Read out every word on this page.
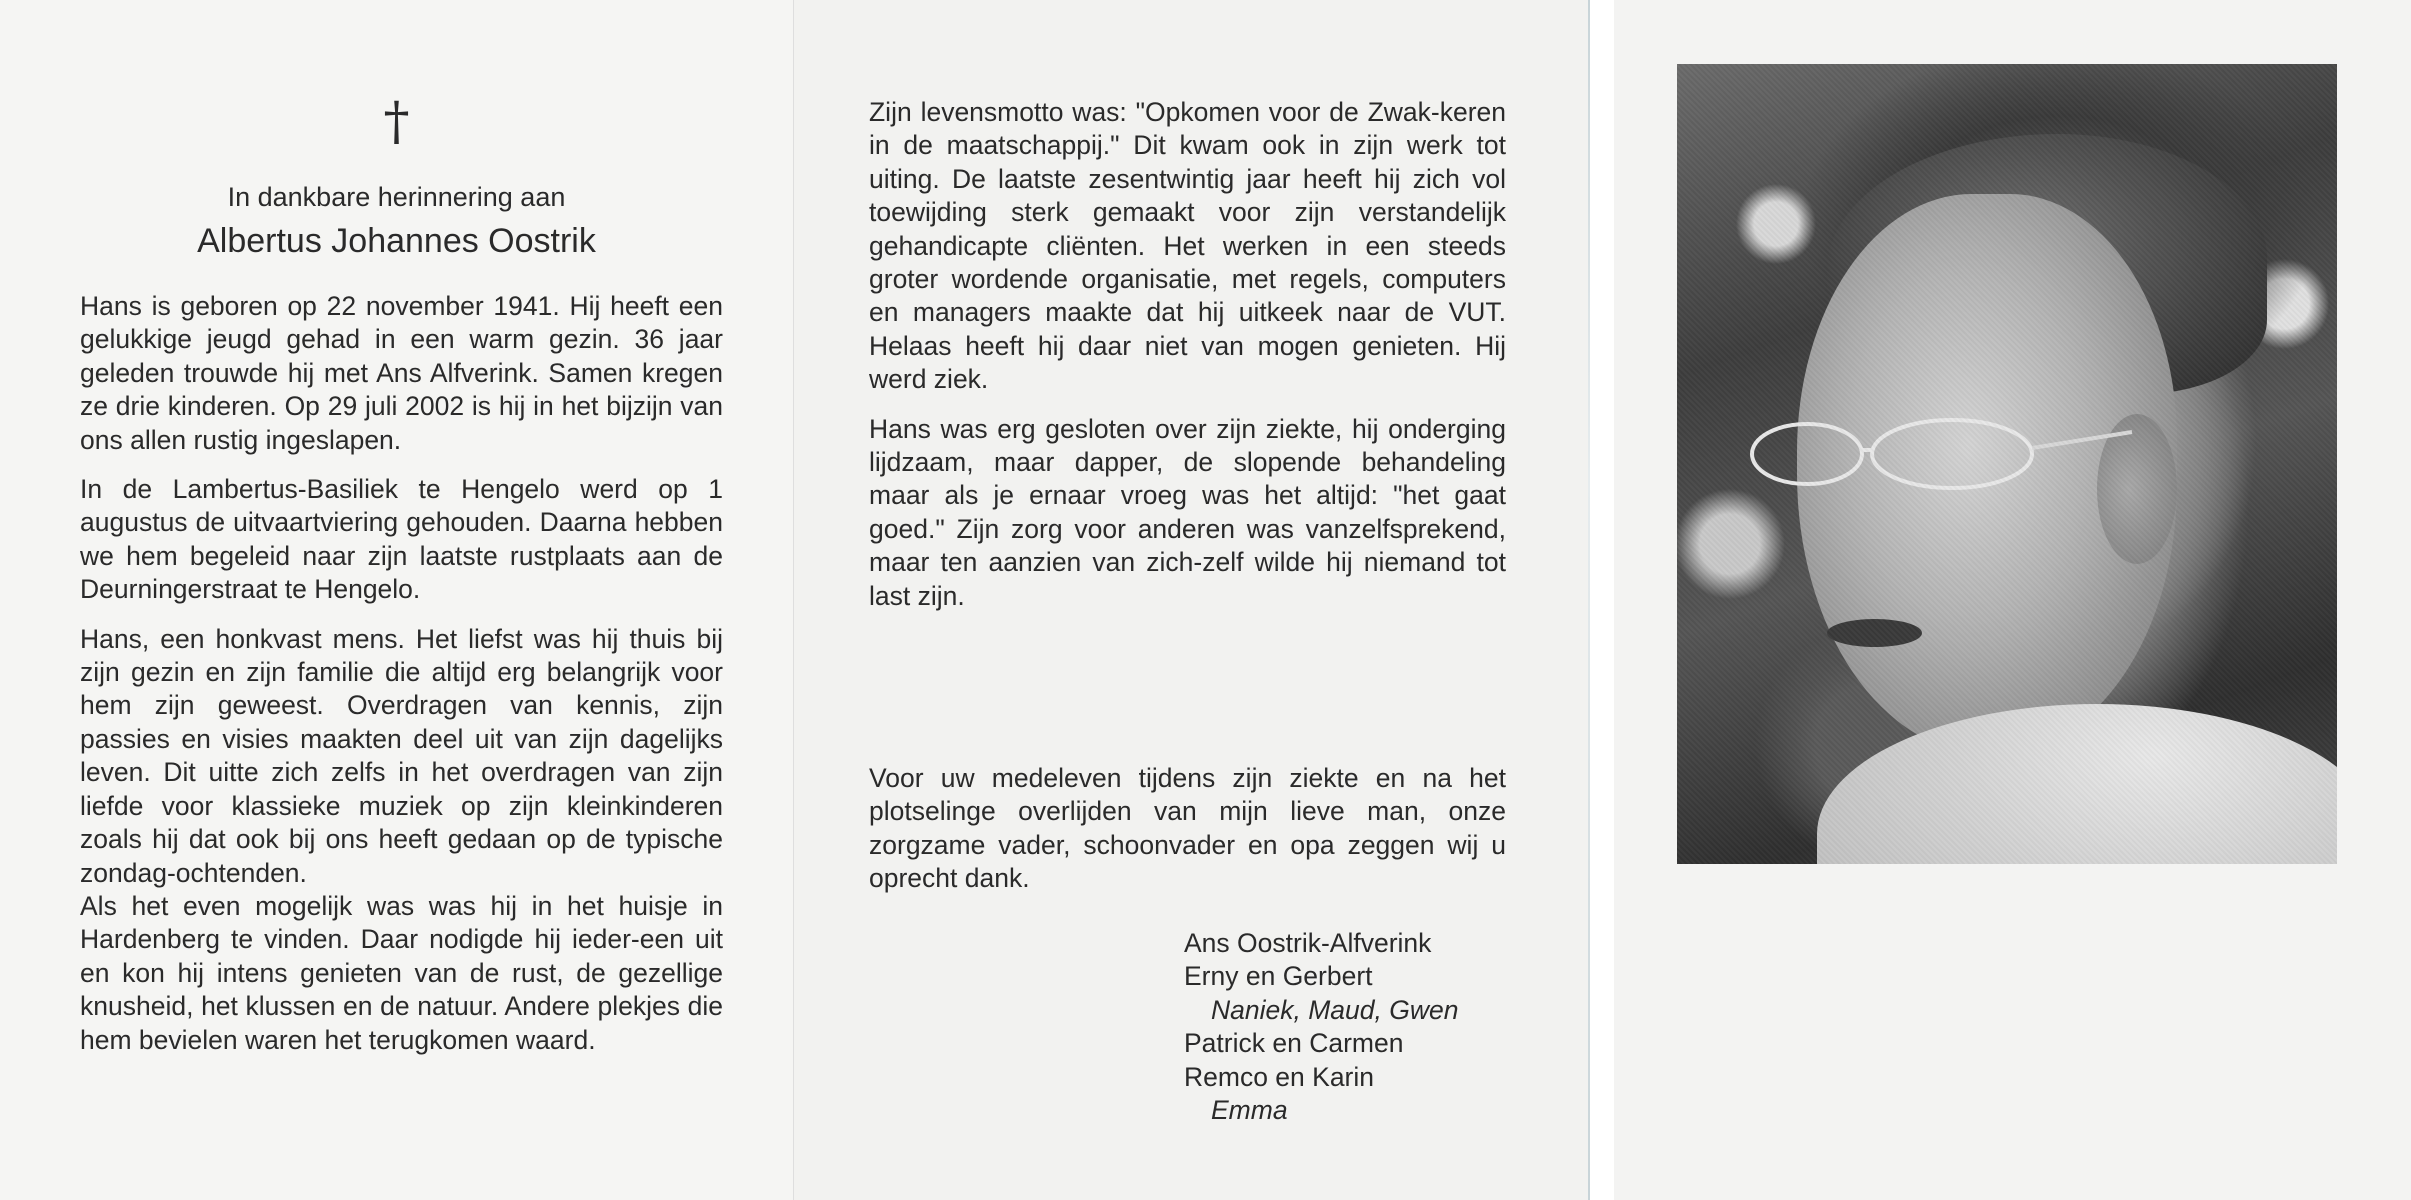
†
In dankbare herinnering aan
Albertus Johannes Oostrik

Hans is geboren op 22 november 1941. Hij heeft een gelukkige jeugd gehad in een warm gezin. 36 jaar geleden trouwde hij met Ans Alfverink. Samen kregen ze drie kinderen. Op 29 juli 2002 is hij in het bijzijn van ons allen rustig ingeslapen.

In de Lambertus-Basiliek te Hengelo werd op 1 augustus de uitvaartviering gehouden. Daarna hebben we hem begeleid naar zijn laatste rustplaats aan de Deurningerstraat te Hengelo.

Hans, een honkvast mens. Het liefst was hij thuis bij zijn gezin en zijn familie die altijd erg belangrijk voor hem zijn geweest. Overdragen van kennis, zijn passies en visies maakten deel uit van zijn dagelijks leven. Dit uitte zich zelfs in het overdragen van zijn liefde voor klassieke muziek op zijn kleinkinderen zoals hij dat ook bij ons heeft gedaan op de typische zondag-ochtenden.

Als het even mogelijk was was hij in het huisje in Hardenberg te vinden. Daar nodigde hij ieder-een uit en kon hij intens genieten van de rust, de gezellige knusheid, het klussen en de natuur. Andere plekjes die hem bevielen waren het terugkomen waard.

Zijn levensmotto was: "Opkomen voor de Zwak-keren in de maatschappij." Dit kwam ook in zijn werk tot uiting. De laatste zesentwintig jaar heeft hij zich vol toewijding sterk gemaakt voor zijn verstandelijk gehandicapte cliënten. Het werken in een steeds groter wordende organisatie, met regels, computers en managers maakte dat hij uitkeek naar de VUT. Helaas heeft hij daar niet van mogen genieten. Hij werd ziek.

Hans was erg gesloten over zijn ziekte, hij onderging lijdzaam, maar dapper, de slopende behandeling maar als je ernaar vroeg was het altijd: "het gaat goed." Zijn zorg voor anderen was vanzelfsprekend, maar ten aanzien van zich-zelf wilde hij niemand tot last zijn.

Voor uw medeleven tijdens zijn ziekte en na het plotselinge overlijden van mijn lieve man, onze zorgzame vader, schoonvader en opa zeggen wij u oprecht dank.

Ans Oostrik-Alfverink
Erny en Gerbert
Naniek, Maud, Gwen
Patrick en Carmen
Remco en Karin
Emma
